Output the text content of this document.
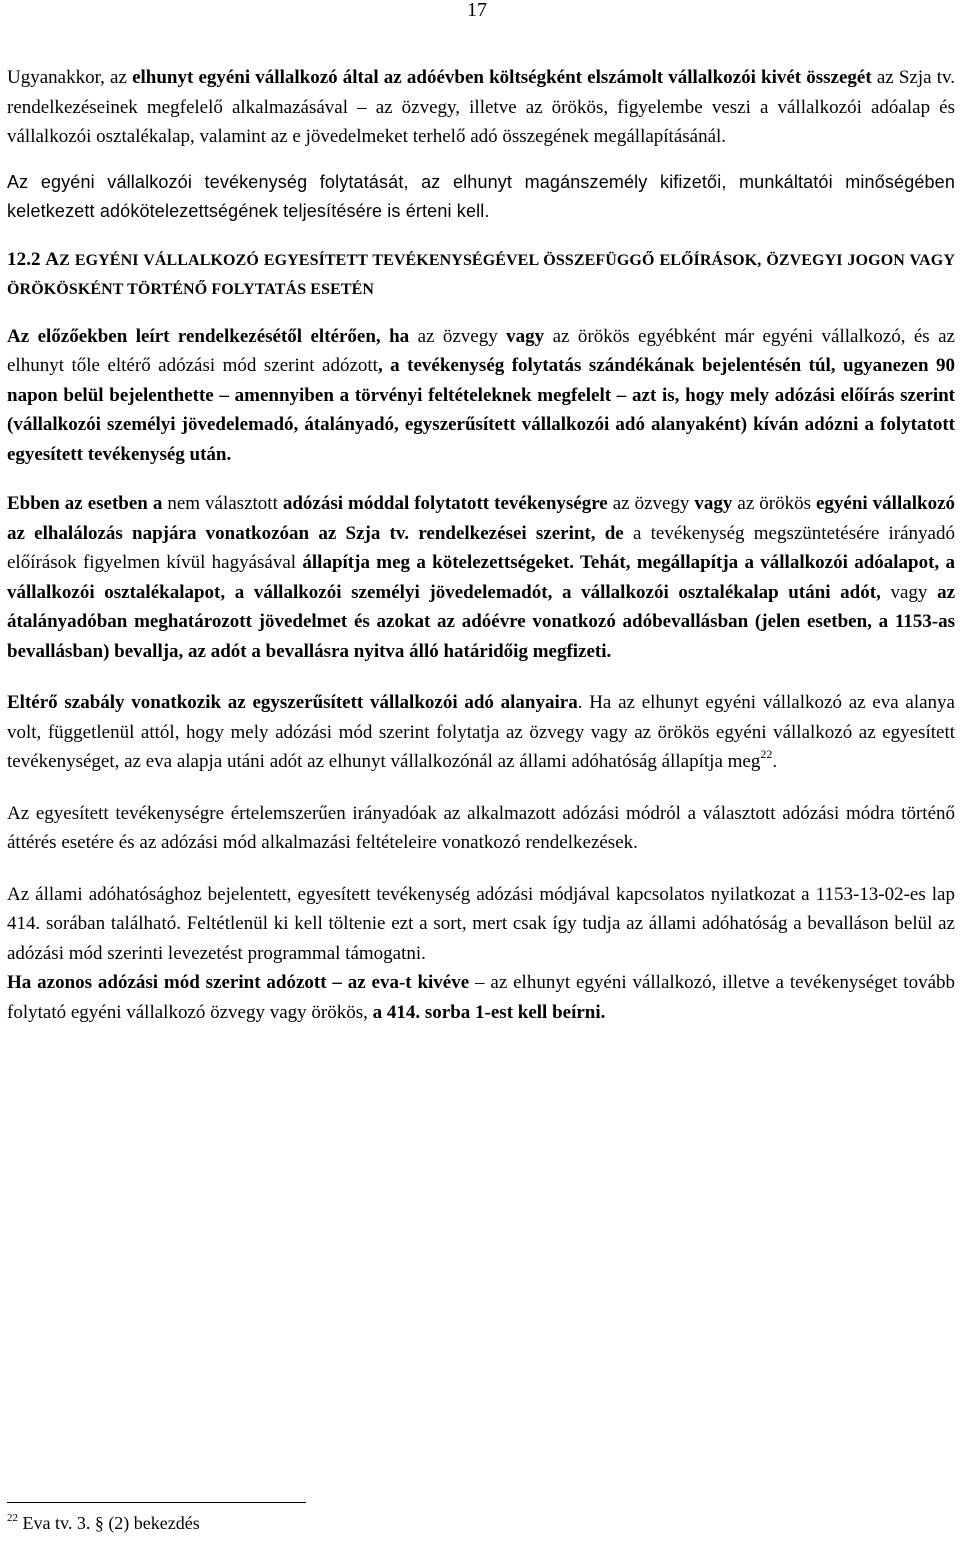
17

Ugyanakkor, az elhunyt egyéni vállalkozó által az adóévben költségként elszámolt vállalkozói kivét összegét az Szja tv. rendelkezéseinek megfelelő alkalmazásával – az özvegy, illetve az örökös, figyelembe veszi a vállalkozói adóalap és vállalkozói osztalékalap, valamint az e jövedelmeket terhelő adó összegének megállapításánál.

Az egyéni vállalkozói tevékenység folytatását, az elhunyt magánszemély kifizetői, munkáltatói minőségében keletkezett adókötelezettségének teljesítésére is érteni kell.

12.2 AZ EGYÉNI VÁLLALKOZÓ EGYESÍTETT TEVÉKENYSÉGÉVEL ÖSSZEFÜGGŐ ELŐÍRÁSOK, ÖZVEGYI JOGON VAGY ÖRÖKÖSKÉNT TÖRTÉNŐ FOLYTATÁS ESETÉN

Az előzőekben leírt rendelkezésétől eltérően, ha az özvegy vagy az örökös egyébként már egyéni vállalkozó, és az elhunyt tőle eltérő adózási mód szerint adózott, a tevékenység folytatás szándékának bejelentésén túl, ugyanezen 90 napon belül bejelenthette – amennyiben a törvényi feltételeknek megfelelt – azt is, hogy mely adózási előírás szerint (vállalkozói személyi jövedelemadó, átalányadó, egyszerűsített vállalkozói adó alanyaként) kíván adózni a folytatott egyesített tevékenység után.

Ebben az esetben a nem választott adózási móddal folytatott tevékenységre az özvegy vagy az örökös egyéni vállalkozó az elhalálozás napjára vonatkozóan az Szja tv. rendelkezései szerint, de a tevékenység megszüntetésére irányadó előírások figyelmen kívül hagyásával állapítja meg a kötelezettségeket. Tehát, megállapítja a vállalkozói adóalapot, a vállalkozói osztalékalapot, a vállalkozói személyi jövedelemadót, a vállalkozói osztalékalap utáni adót, vagy az átalányadóban meghatározott jövedelmet és azokat az adóévre vonatkozó adóbevallásban (jelen esetben, a 1153-as bevallásban) bevallja, az adót a bevallásra nyitva álló határidőig megfizeti.

Eltérő szabály vonatkozik az egyszerűsített vállalkozói adó alanyaira. Ha az elhunyt egyéni vállalkozó az eva alanya volt, függetlenül attól, hogy mely adózási mód szerint folytatja az özvegy vagy az örökös egyéni vállalkozó az egyesített tevékenységet, az eva alapja utáni adót az elhunyt vállalkozónál az állami adóhatóság állapítja meg$^{22}$.

Az egyesített tevékenységre értelemszerűen irányadóak az alkalmazott adózási módról a választott adózási módra történő áttérés esetére és az adózási mód alkalmazási feltételeire vonatkozó rendelkezések.

Az állami adóhatósághoz bejelentett, egyesített tevékenység adózási módjával kapcsolatos nyilatkozat a 1153-13-02-es lap 414. sorában található. Feltétlenül ki kell töltenie ezt a sort, mert csak így tudja az állami adóhatóság a bevalláson belül az adózási mód szerinti levezetést programmal támogatni.

Ha azonos adózási mód szerint adózott – az eva-t kivéve – az elhunyt egyéni vállalkozó, illetve a tevékenységet tovább folytató egyéni vállalkozó özvegy vagy örökös, a 414. sorba 1-est kell beírni.

$^{22}$ Eva tv. 3. § (2) bekezdés
